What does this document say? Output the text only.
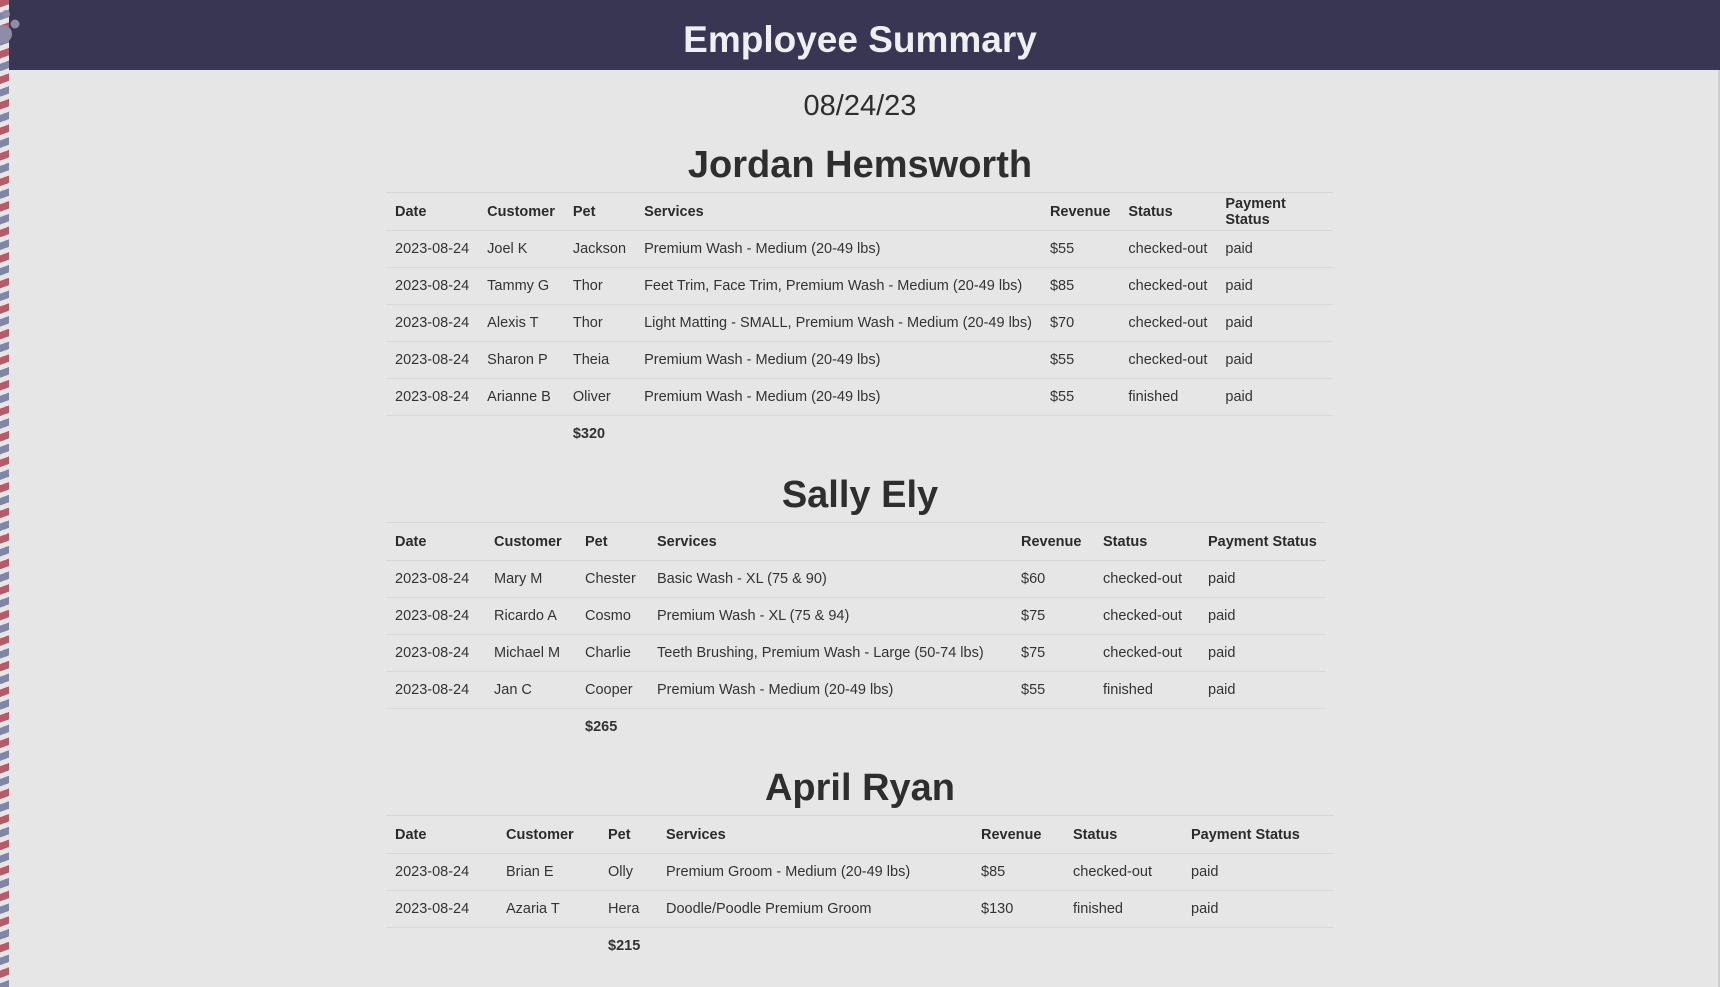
Employee Summary
08/24/23
Jordan Hemsworth
Date	Customer	Pet	Services	Revenue	Status	Payment Status
2023-08-24	Joel K	Jackson	Premium Wash - Medium (20-49 lbs)	$55	checked-out	paid
2023-08-24	Tammy G	Thor	Feet Trim, Face Trim, Premium Wash - Medium (20-49 lbs)	$85	checked-out	paid
2023-08-24	Alexis T	Thor	Light Matting - SMALL, Premium Wash - Medium (20-49 lbs)	$70	checked-out	paid
2023-08-24	Sharon P	Theia	Premium Wash - Medium (20-49 lbs)	$55	checked-out	paid
2023-08-24	Arianne B	Oliver	Premium Wash - Medium (20-49 lbs)	$55	finished	paid
		$320				
Sally Ely
Date	Customer	Pet	Services	Revenue	Status	Payment Status
2023-08-24	Mary M	Chester	Basic Wash - XL (75 & 90)	$60	checked-out	paid
2023-08-24	Ricardo A	Cosmo	Premium Wash - XL (75 & 94)	$75	checked-out	paid
2023-08-24	Michael M	Charlie	Teeth Brushing, Premium Wash - Large (50-74 lbs)	$75	checked-out	paid
2023-08-24	Jan C	Cooper	Premium Wash - Medium (20-49 lbs)	$55	finished	paid
		$265				
April Ryan
Date	Customer	Pet	Services	Revenue	Status	Payment Status
2023-08-24	Brian E	Olly	Premium Groom - Medium (20-49 lbs)	$85	checked-out	paid
2023-08-24	Azaria T	Hera	Doodle/Poodle Premium Groom	$130	finished	paid
		$215				
